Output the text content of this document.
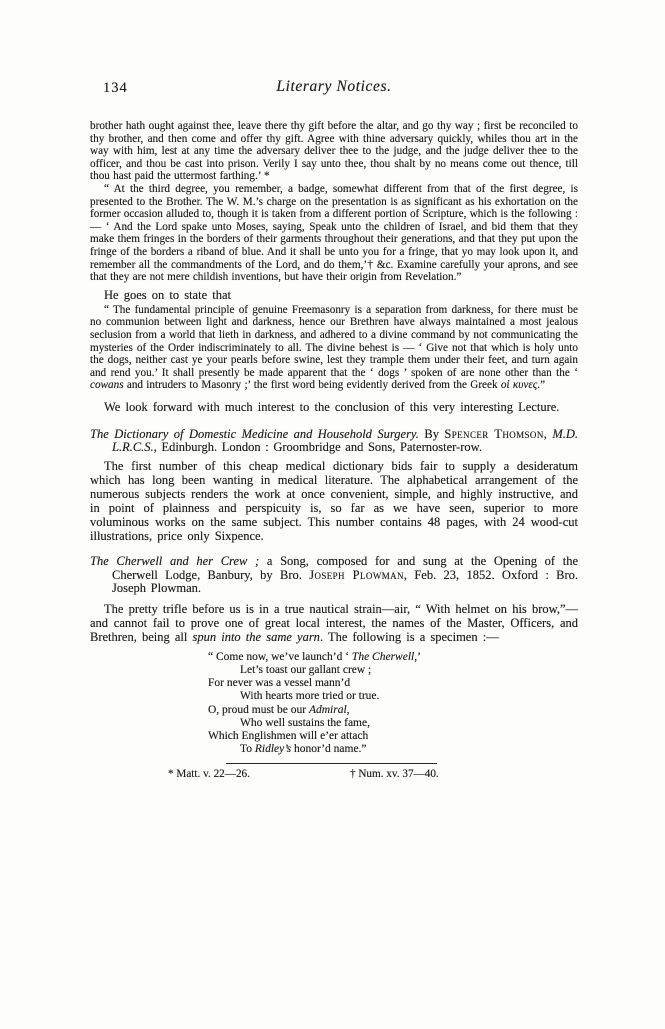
134	Literary Notices.

brother hath ought against thee, leave there thy gift before the altar, and go thy way ; first be reconciled to thy brother, and then come and offer thy gift. Agree with thine adversary quickly, whiles thou art in the way with him, lest at any time the adversary deliver thee to the judge, and the judge deliver thee to the officer, and thou be cast into prison. Verily I say unto thee, thou shalt by no means come out thence, till thou hast paid the uttermost farthing.’ *

“ At the third degree, you remember, a badge, somewhat different from that of the first degree, is presented to the Brother. The W. M.’s charge on the presentation is as significant as his exhortation on the former occasion alluded to, though it is taken from a different portion of Scripture, which is the following : — ‘ And the Lord spake unto Moses, saying, Speak unto the children of Israel, and bid them that they make them fringes in the borders of their garments throughout their generations, and that they put upon the fringe of the borders a riband of blue. And it shall be unto you for a fringe, that yo may look upon it, and remember all the commandments of the Lord, and do them,’† &c. Examine carefully your aprons, and see that they are not mere childish inventions, but have their origin from Revelation.”

He goes on to state that

“ The fundamental principle of genuine Freemasonry is a separation from darkness, for there must be no communion between light and darkness, hence our Brethren have always maintained a most jealous seclusion from a world that lieth in darkness, and adhered to a divine command by not communicating the mysteries of the Order indiscriminately to all. The divine behest is — ‘ Give not that which is holy unto the dogs, neither cast ye your pearls before swine, lest they trample them under their feet, and turn again and rend you.’ It shall presently be made apparent that the ‘ dogs ’ spoken of are none other than the ‘ cowans and intruders to Masonry ;’ the first word being evidently derived from the Greek οἱ κυνες.”

We look forward with much interest to the conclusion of this very interesting Lecture.

The Dictionary of Domestic Medicine and Household Surgery. By Spencer Thomson, M.D. L.R.C.S., Edinburgh. London : Groombridge and Sons, Paternoster-row.

The first number of this cheap medical dictionary bids fair to supply a desideratum which has long been wanting in medical literature. The alphabetical arrangement of the numerous subjects renders the work at once convenient, simple, and highly instructive, and in point of plainness and perspicuity is, so far as we have seen, superior to more voluminous works on the same subject. This number contains 48 pages, with 24 wood-cut illustrations, price only Sixpence.

The Cherwell and her Crew ; a Song, composed for and sung at the Opening of the Cherwell Lodge, Banbury, by Bro. Joseph Plowman, Feb. 23, 1852. Oxford : Bro. Joseph Plowman.

The pretty trifle before us is in a true nautical strain—air, “ With helmet on his brow,”—and cannot fail to prove one of great local interest, the names of the Master, Officers, and Brethren, being all spun into the same yarn. The following is a specimen :—

“ Come now, we’ve launch’d ‘ The Cherwell,’
Let’s toast our gallant crew ;
For never was a vessel mann’d
With hearts more tried or true.
O, proud must be our Admiral,
Who well sustains the fame,
Which Englishmen will e’er attach
To Ridley’s honor’d name.”
* Matt. v. 22—26.	† Num. xv. 37—40.
